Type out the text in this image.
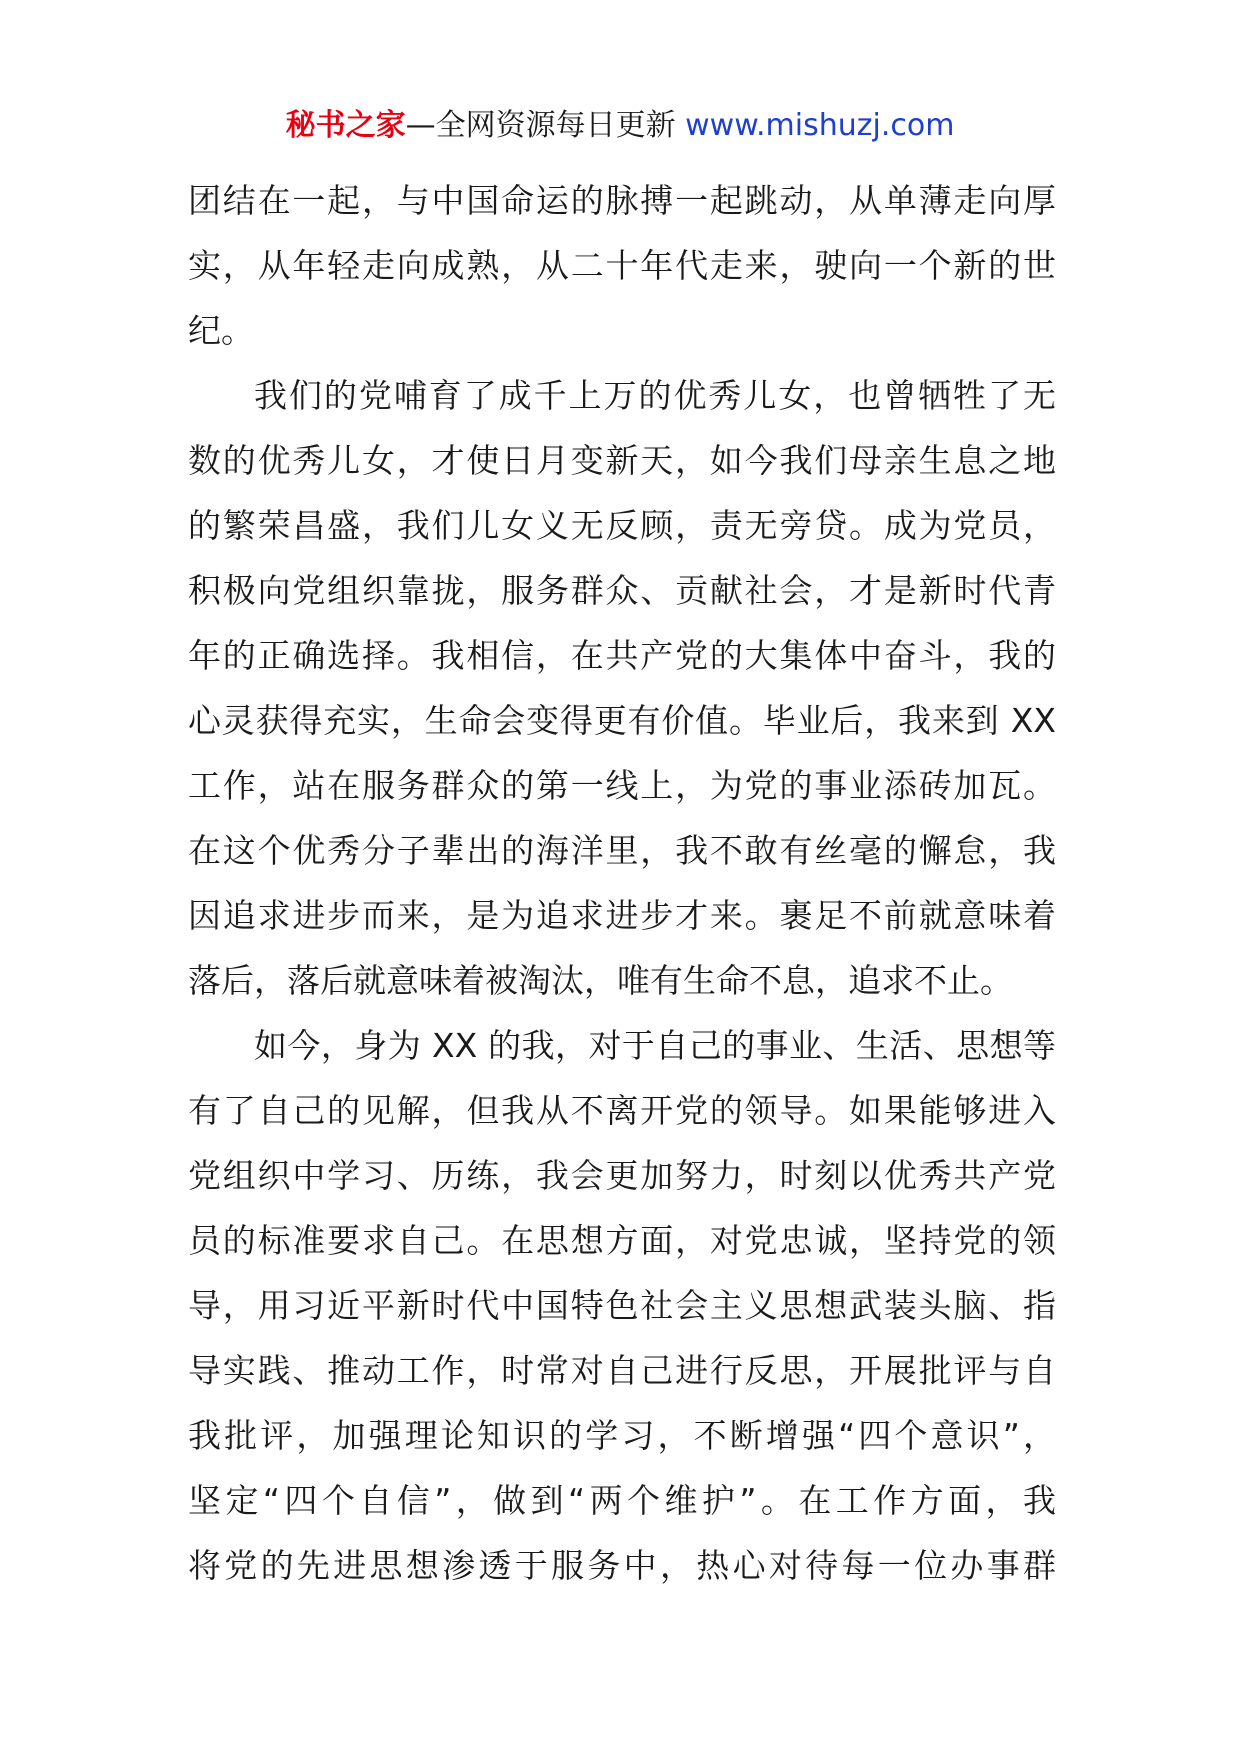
秘书之家—全网资源每日更新 www.mishuzj.com
团结在一起，与中国命运的脉搏一起跳动，从单薄走向厚
实，从年轻走向成熟，从二十年代走来，驶向一个新的世
纪。
我们的党哺育了成千上万的优秀儿女，也曾牺牲了无
数的优秀儿女，才使日月变新天，如今我们母亲生息之地
的繁荣昌盛，我们儿女义无反顾，责无旁贷。成为党员，
积极向党组织靠拢，服务群众、贡献社会，才是新时代青
年的正确选择。我相信，在共产党的大集体中奋斗，我的
心灵获得充实，生命会变得更有价值。毕业后，我来到 XX
工作，站在服务群众的第一线上，为党的事业添砖加瓦。
在这个优秀分子辈出的海洋里，我不敢有丝毫的懈怠，我
因追求进步而来，是为追求进步才来。裹足不前就意味着
落后，落后就意味着被淘汰，唯有生命不息，追求不止。
如今，身为 XX 的我，对于自己的事业、生活、思想等
有了自己的见解，但我从不离开党的领导。如果能够进入
党组织中学习、历练，我会更加努力，时刻以优秀共产党
员的标准要求自己。在思想方面，对党忠诚，坚持党的领
导，用习近平新时代中国特色社会主义思想武装头脑、指
导实践、推动工作，时常对自己进行反思，开展批评与自
我批评，加强理论知识的学习，不断增强“四个意识”，
坚定“四个自信”，做到“两个维护”。在工作方面，我
将党的先进思想渗透于服务中，热心对待每一位办事群
